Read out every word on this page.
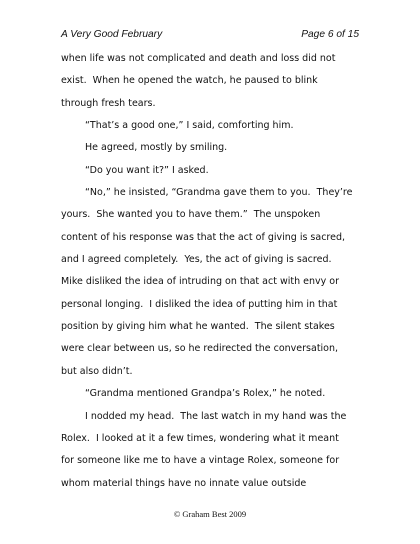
A Very Good February	Page 6 of 15
when life was not complicated and death and loss did not
exist.  When he opened the watch, he paused to blink
through fresh tears.
“That’s a good one,” I said, comforting him.
He agreed, mostly by smiling.
“Do you want it?” I asked.
“No,” he insisted, “Grandma gave them to you.  They’re
yours.  She wanted you to have them.”  The unspoken
content of his response was that the act of giving is sacred,
and I agreed completely.  Yes, the act of giving is sacred.
Mike disliked the idea of intruding on that act with envy or
personal longing.  I disliked the idea of putting him in that
position by giving him what he wanted.  The silent stakes
were clear between us, so he redirected the conversation,
but also didn’t.
“Grandma mentioned Grandpa’s Rolex,” he noted.
I nodded my head.  The last watch in my hand was the
Rolex.  I looked at it a few times, wondering what it meant
for someone like me to have a vintage Rolex, someone for
whom material things have no innate value outside
© Graham Best 2009
